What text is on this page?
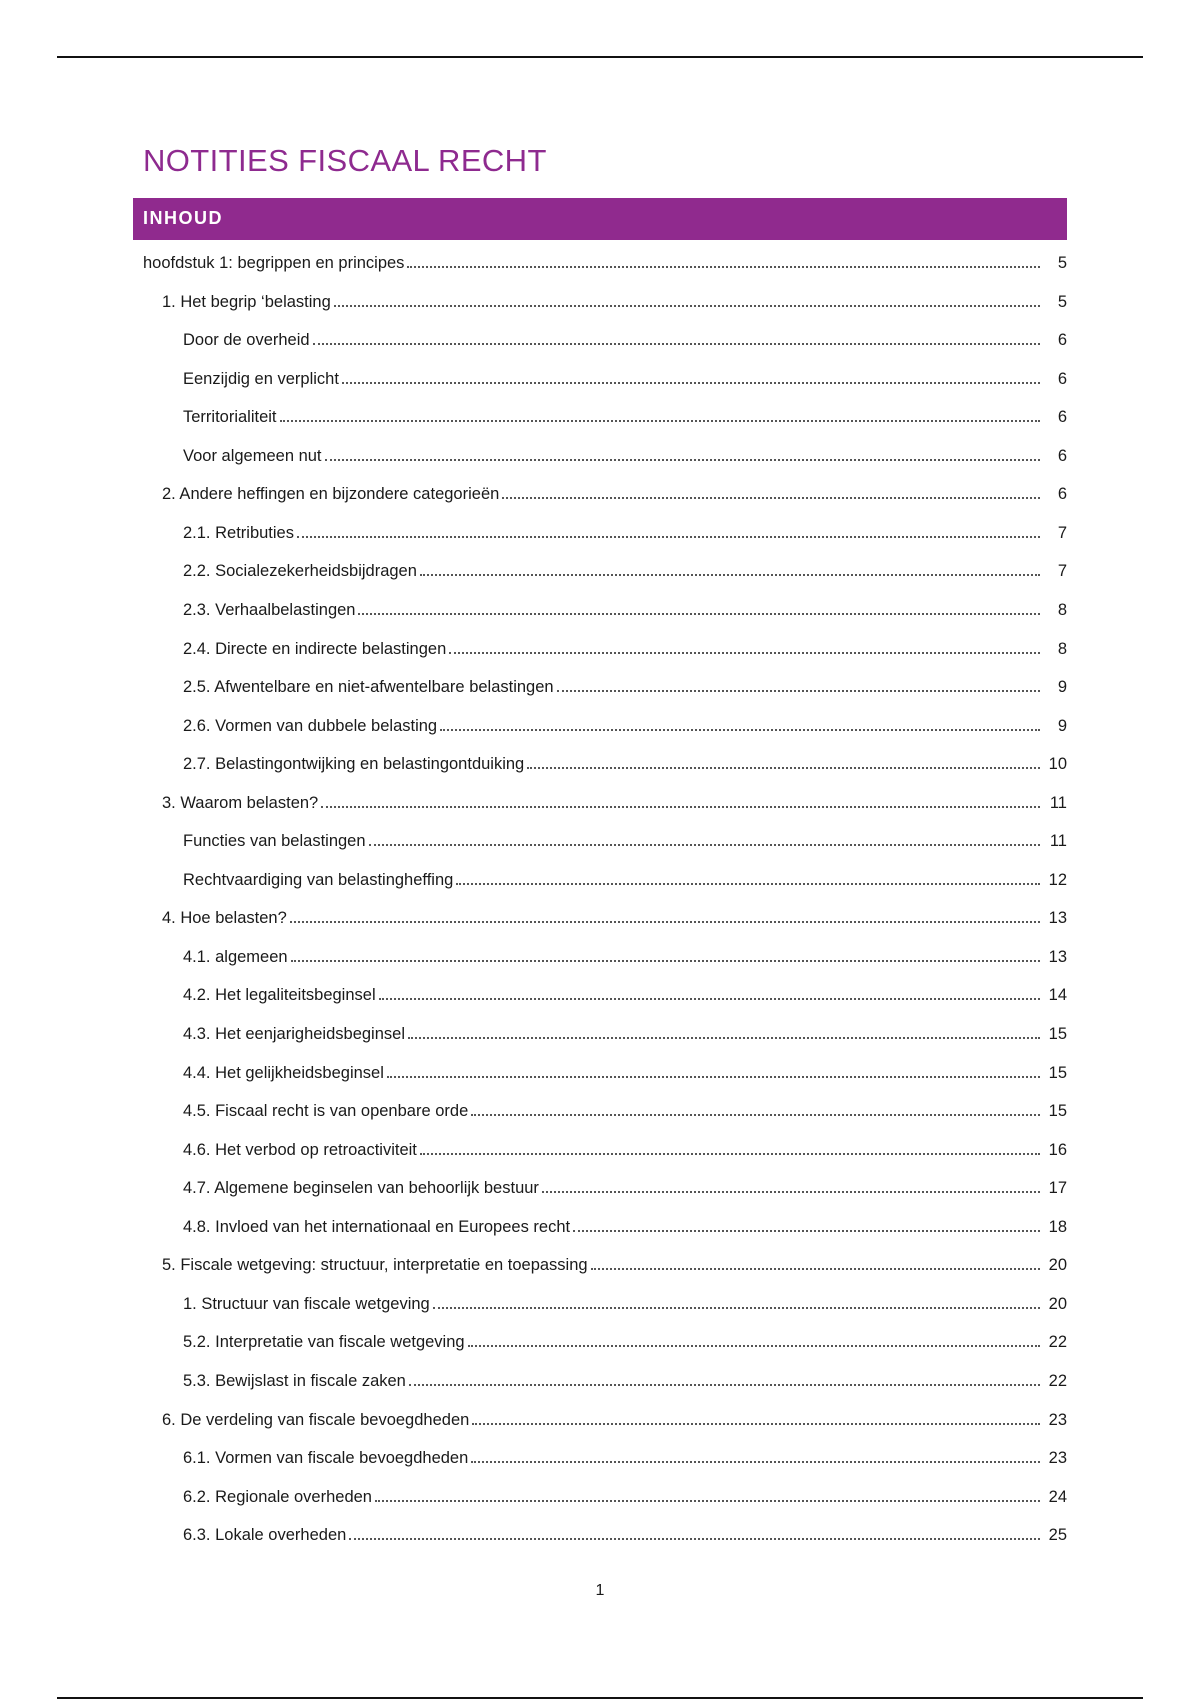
NOTITIES FISCAAL RECHT
INHOUD
hoofdstuk 1: begrippen en principes	5
1. Het begrip ‘belasting	5
Door de overheid	6
Eenzijdig en verplicht	6
Territorialiteit	6
Voor algemeen nut	6
2. Andere heffingen en bijzondere categorieën	6
2.1. Retributies	7
2.2. Socialezekerheidsbijdragen	7
2.3. Verhaalbelastingen	8
2.4. Directe en indirecte belastingen	8
2.5. Afwentelbare en niet-afwentelbare belastingen	9
2.6. Vormen van dubbele belasting	9
2.7. Belastingontwijking en belastingontduiking	10
3. Waarom belasten?	11
Functies van belastingen	11
Rechtvaardiging van belastingheffing	12
4. Hoe belasten?	13
4.1. algemeen	13
4.2. Het legaliteitsbeginsel	14
4.3. Het eenjarigheidsbeginsel	15
4.4. Het gelijkheidsbeginsel	15
4.5. Fiscaal recht is van openbare orde	15
4.6. Het verbod op retroactiviteit	16
4.7. Algemene beginselen van behoorlijk bestuur	17
4.8. Invloed van het internationaal en Europees recht	18
5. Fiscale wetgeving: structuur, interpretatie en toepassing	20
1. Structuur van fiscale wetgeving	20
5.2. Interpretatie van fiscale wetgeving	22
5.3. Bewijslast in fiscale zaken	22
6. De verdeling van fiscale bevoegdheden	23
6.1. Vormen van fiscale bevoegdheden	23
6.2. Regionale overheden	24
6.3. Lokale overheden	25
1
